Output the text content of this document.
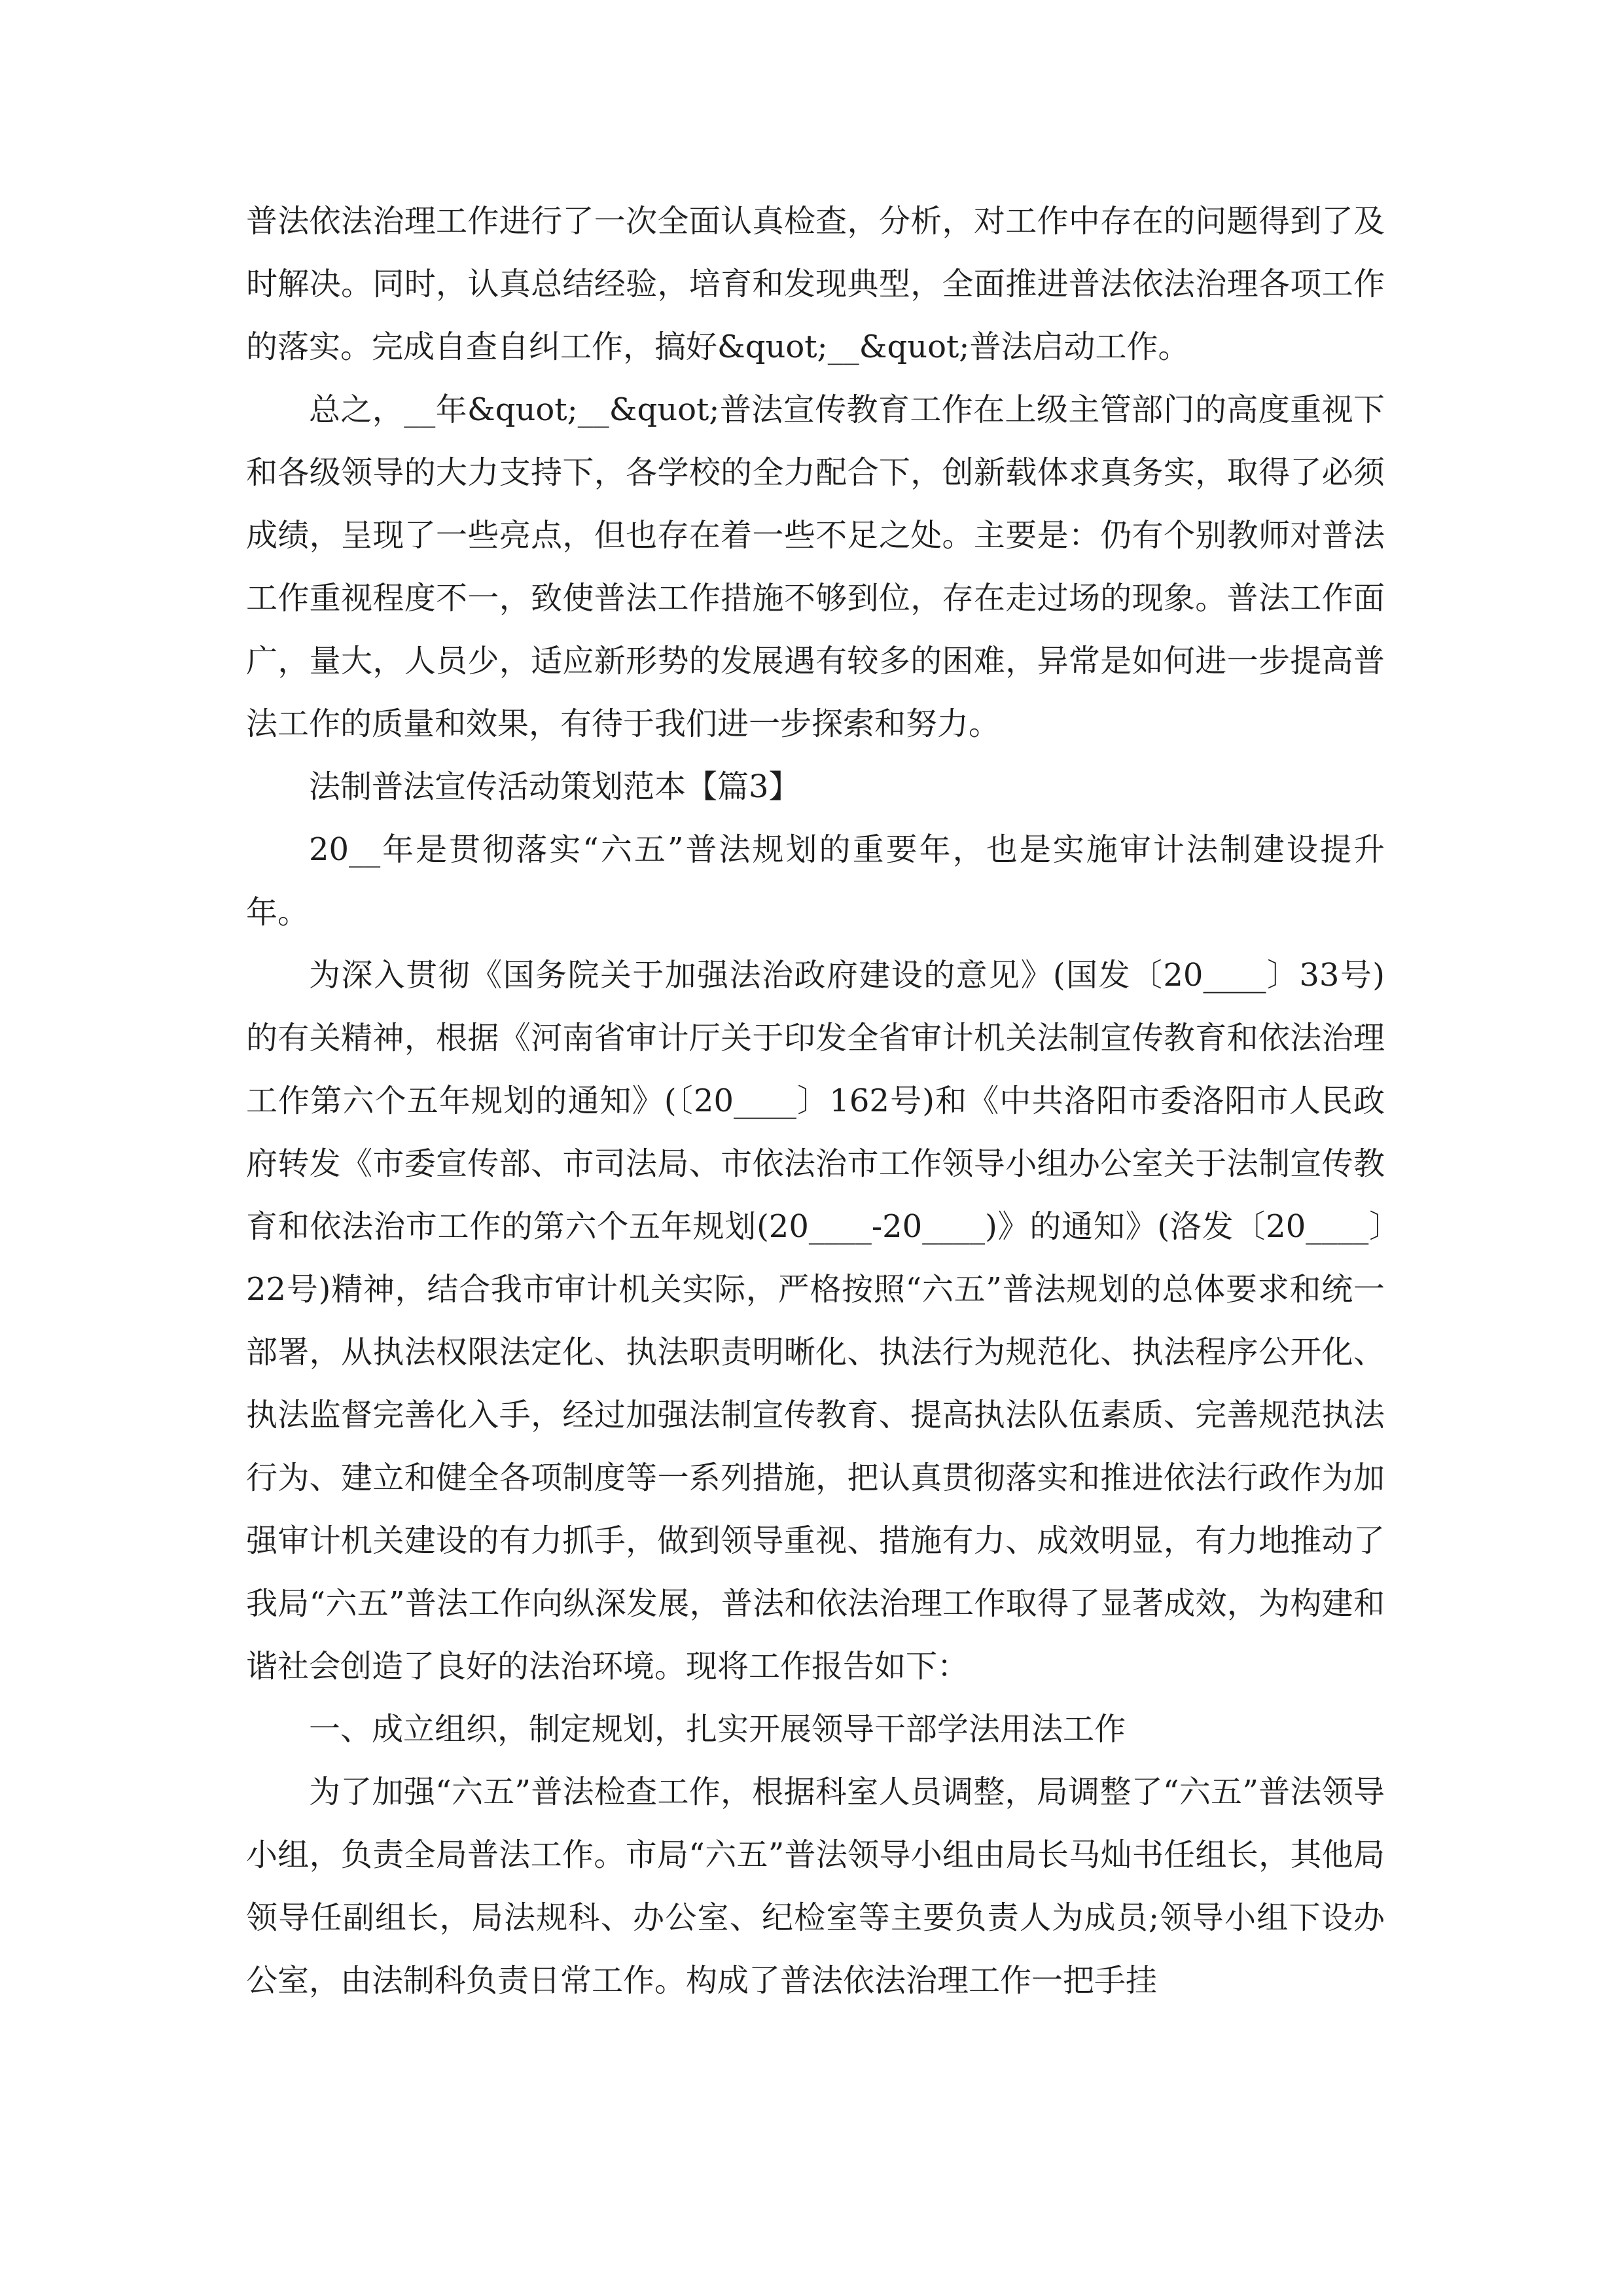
普法依法治理工作进行了一次全面认真检查，分析，对工作中存在的问题得到了及时解决。同时，认真总结经验，培育和发现典型，全面推进普法依法治理各项工作的落实。完成自查自纠工作，搞好&quot;__&quot;普法启动工作。

总之，__年&quot;__&quot;普法宣传教育工作在上级主管部门的高度重视下和各级领导的大力支持下，各学校的全力配合下，创新载体求真务实，取得了必须成绩，呈现了一些亮点，但也存在着一些不足之处。主要是：仍有个别教师对普法工作重视程度不一，致使普法工作措施不够到位，存在走过场的现象。普法工作面广，量大，人员少，适应新形势的发展遇有较多的困难，异常是如何进一步提高普法工作的质量和效果，有待于我们进一步探索和努力。

法制普法宣传活动策划范本【篇3】

20__年是贯彻落实“六五”普法规划的重要年，也是实施审计法制建设提升年。

为深入贯彻《国务院关于加强法治政府建设的意见》(国发〔20____〕33号)的有关精神，根据《河南省审计厅关于印发全省审计机关法制宣传教育和依法治理工作第六个五年规划的通知》(〔20____〕162号)和《中共洛阳市委洛阳市人民政府转发《市委宣传部、市司法局、市依法治市工作领导小组办公室关于法制宣传教育和依法治市工作的第六个五年规划(20____-20____)》的通知》(洛发〔20____〕22号)精神，结合我市审计机关实际，严格按照“六五”普法规划的总体要求和统一部署，从执法权限法定化、执法职责明晰化、执法行为规范化、执法程序公开化、执法监督完善化入手，经过加强法制宣传教育、提高执法队伍素质、完善规范执法行为、建立和健全各项制度等一系列措施，把认真贯彻落实和推进依法行政作为加强审计机关建设的有力抓手，做到领导重视、措施有力、成效明显，有力地推动了我局“六五”普法工作向纵深发展，普法和依法治理工作取得了显著成效，为构建和谐社会创造了良好的法治环境。现将工作报告如下：

一、成立组织，制定规划，扎实开展领导干部学法用法工作

为了加强“六五”普法检查工作，根据科室人员调整，局调整了“六五”普法领导小组，负责全局普法工作。市局“六五”普法领导小组由局长马灿书任组长，其他局领导任副组长，局法规科、办公室、纪检室等主要负责人为成员;领导小组下设办公室，由法制科负责日常工作。构成了普法依法治理工作一把手挂
